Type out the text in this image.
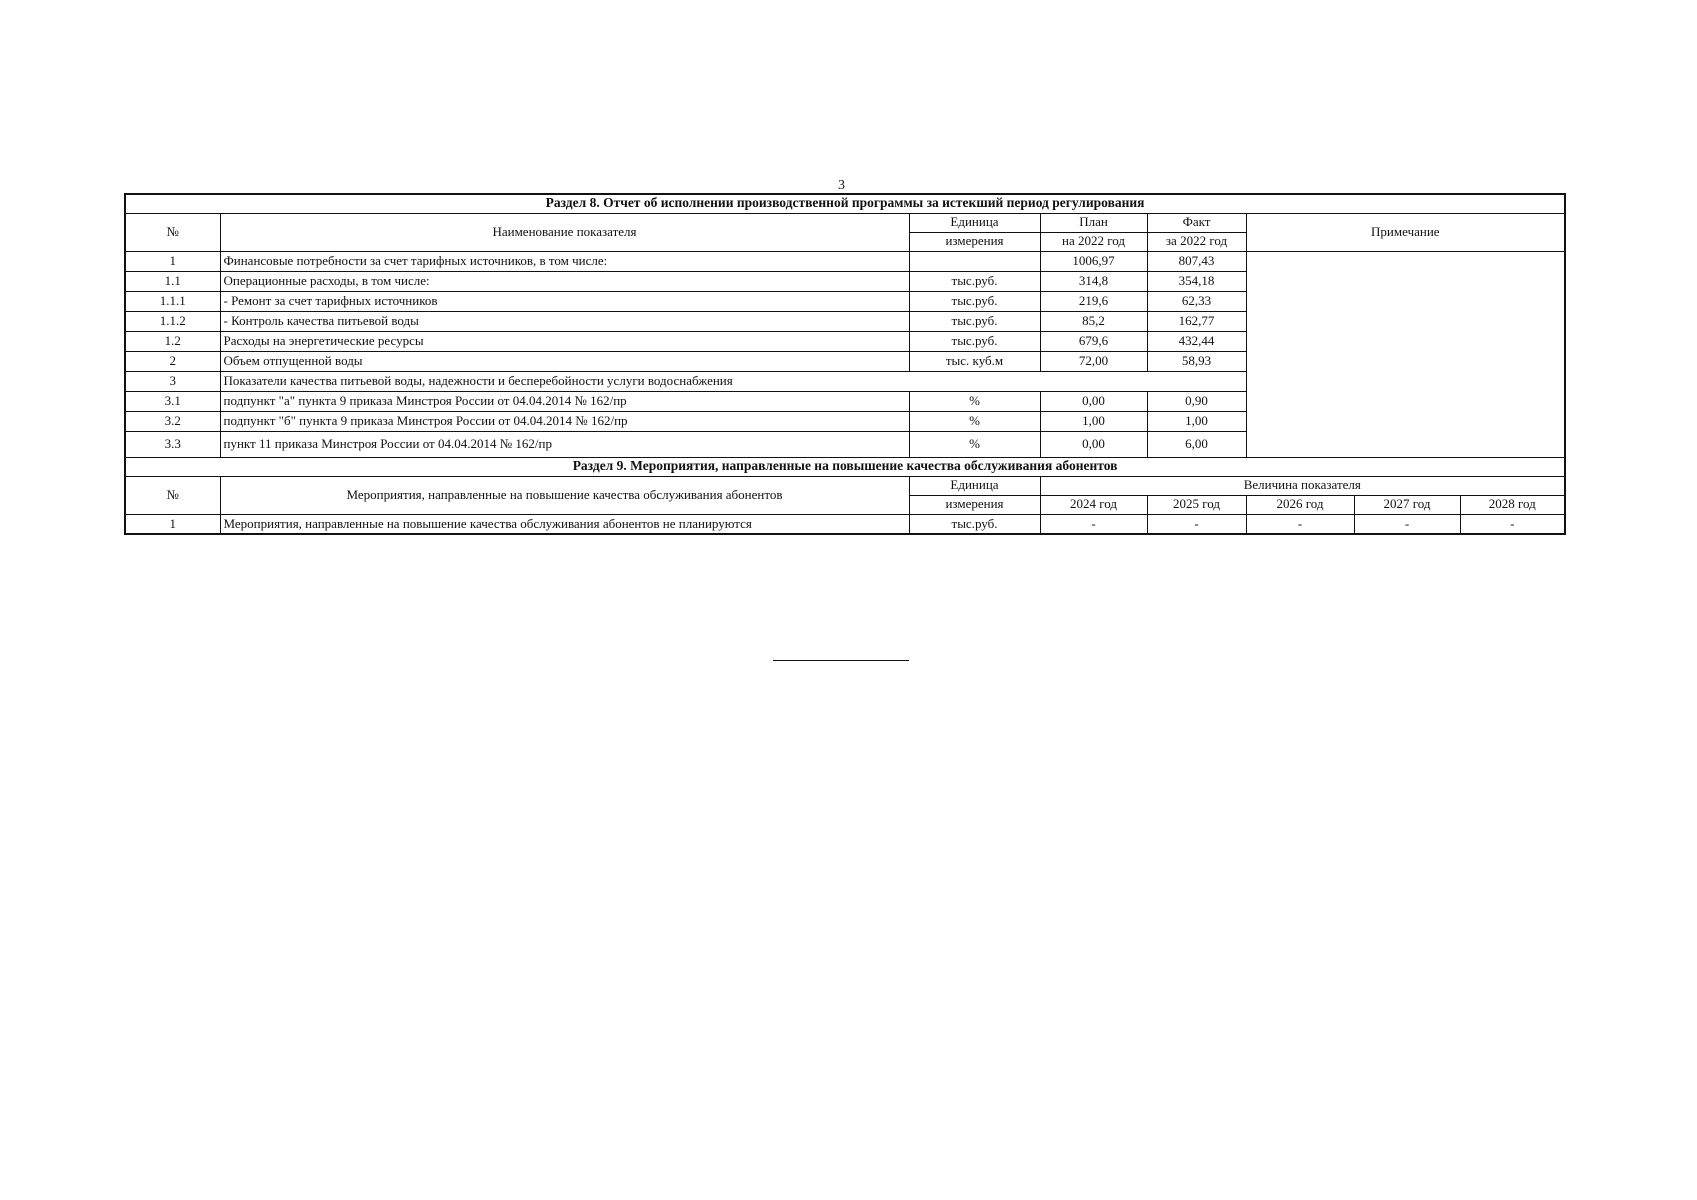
3
Раздел 8. Отчет об исполнении производственной программы за истекший период регулирования							
№	Наименование показателя	Единица	План	Факт	Примечание		
		измерения	на 2022 год	за 2022 год			
1	Финансовые потребности за счет тарифных источников, в том числе:		1006,97	807,43			
1.1	Операционные расходы, в том числе:	тыс.руб.	314,8	354,18			
1.1.1	- Ремонт за счет тарифных источников	тыс.руб.	219,6	62,33			
1.1.2	- Контроль качества питьевой воды	тыс.руб.	85,2	162,77			
1.2	Расходы на энергетические ресурсы	тыс.руб.	679,6	432,44			
2	Объем отпущенной воды	тыс. куб.м	72,00	58,93			
3	Показатели качества питьевой воды, надежности и бесперебойности услуги водоснабжения						
3.1	подпункт "а" пункта 9 приказа Минстроя России от 04.04.2014 № 162/пр	%	0,00	0,90			
3.2	подпункт "б" пункта 9 приказа Минстроя России от 04.04.2014 № 162/пр	%	1,00	1,00			
3.3	пункт 11 приказа Минстроя России от 04.04.2014 № 162/пр	%	0,00	6,00			
Раздел 9. Мероприятия, направленные на повышение качества обслуживания абонентов							
№	Мероприятия, направленные на повышение качества обслуживания абонентов	Единица	Величина показателя				
		измерения	2024 год	2025 год	2026 год	2027 год	2028 год
1	Мероприятия, направленные на повышение качества обслуживания абонентов не планируются	тыс.руб.	-	-	-	-	-
